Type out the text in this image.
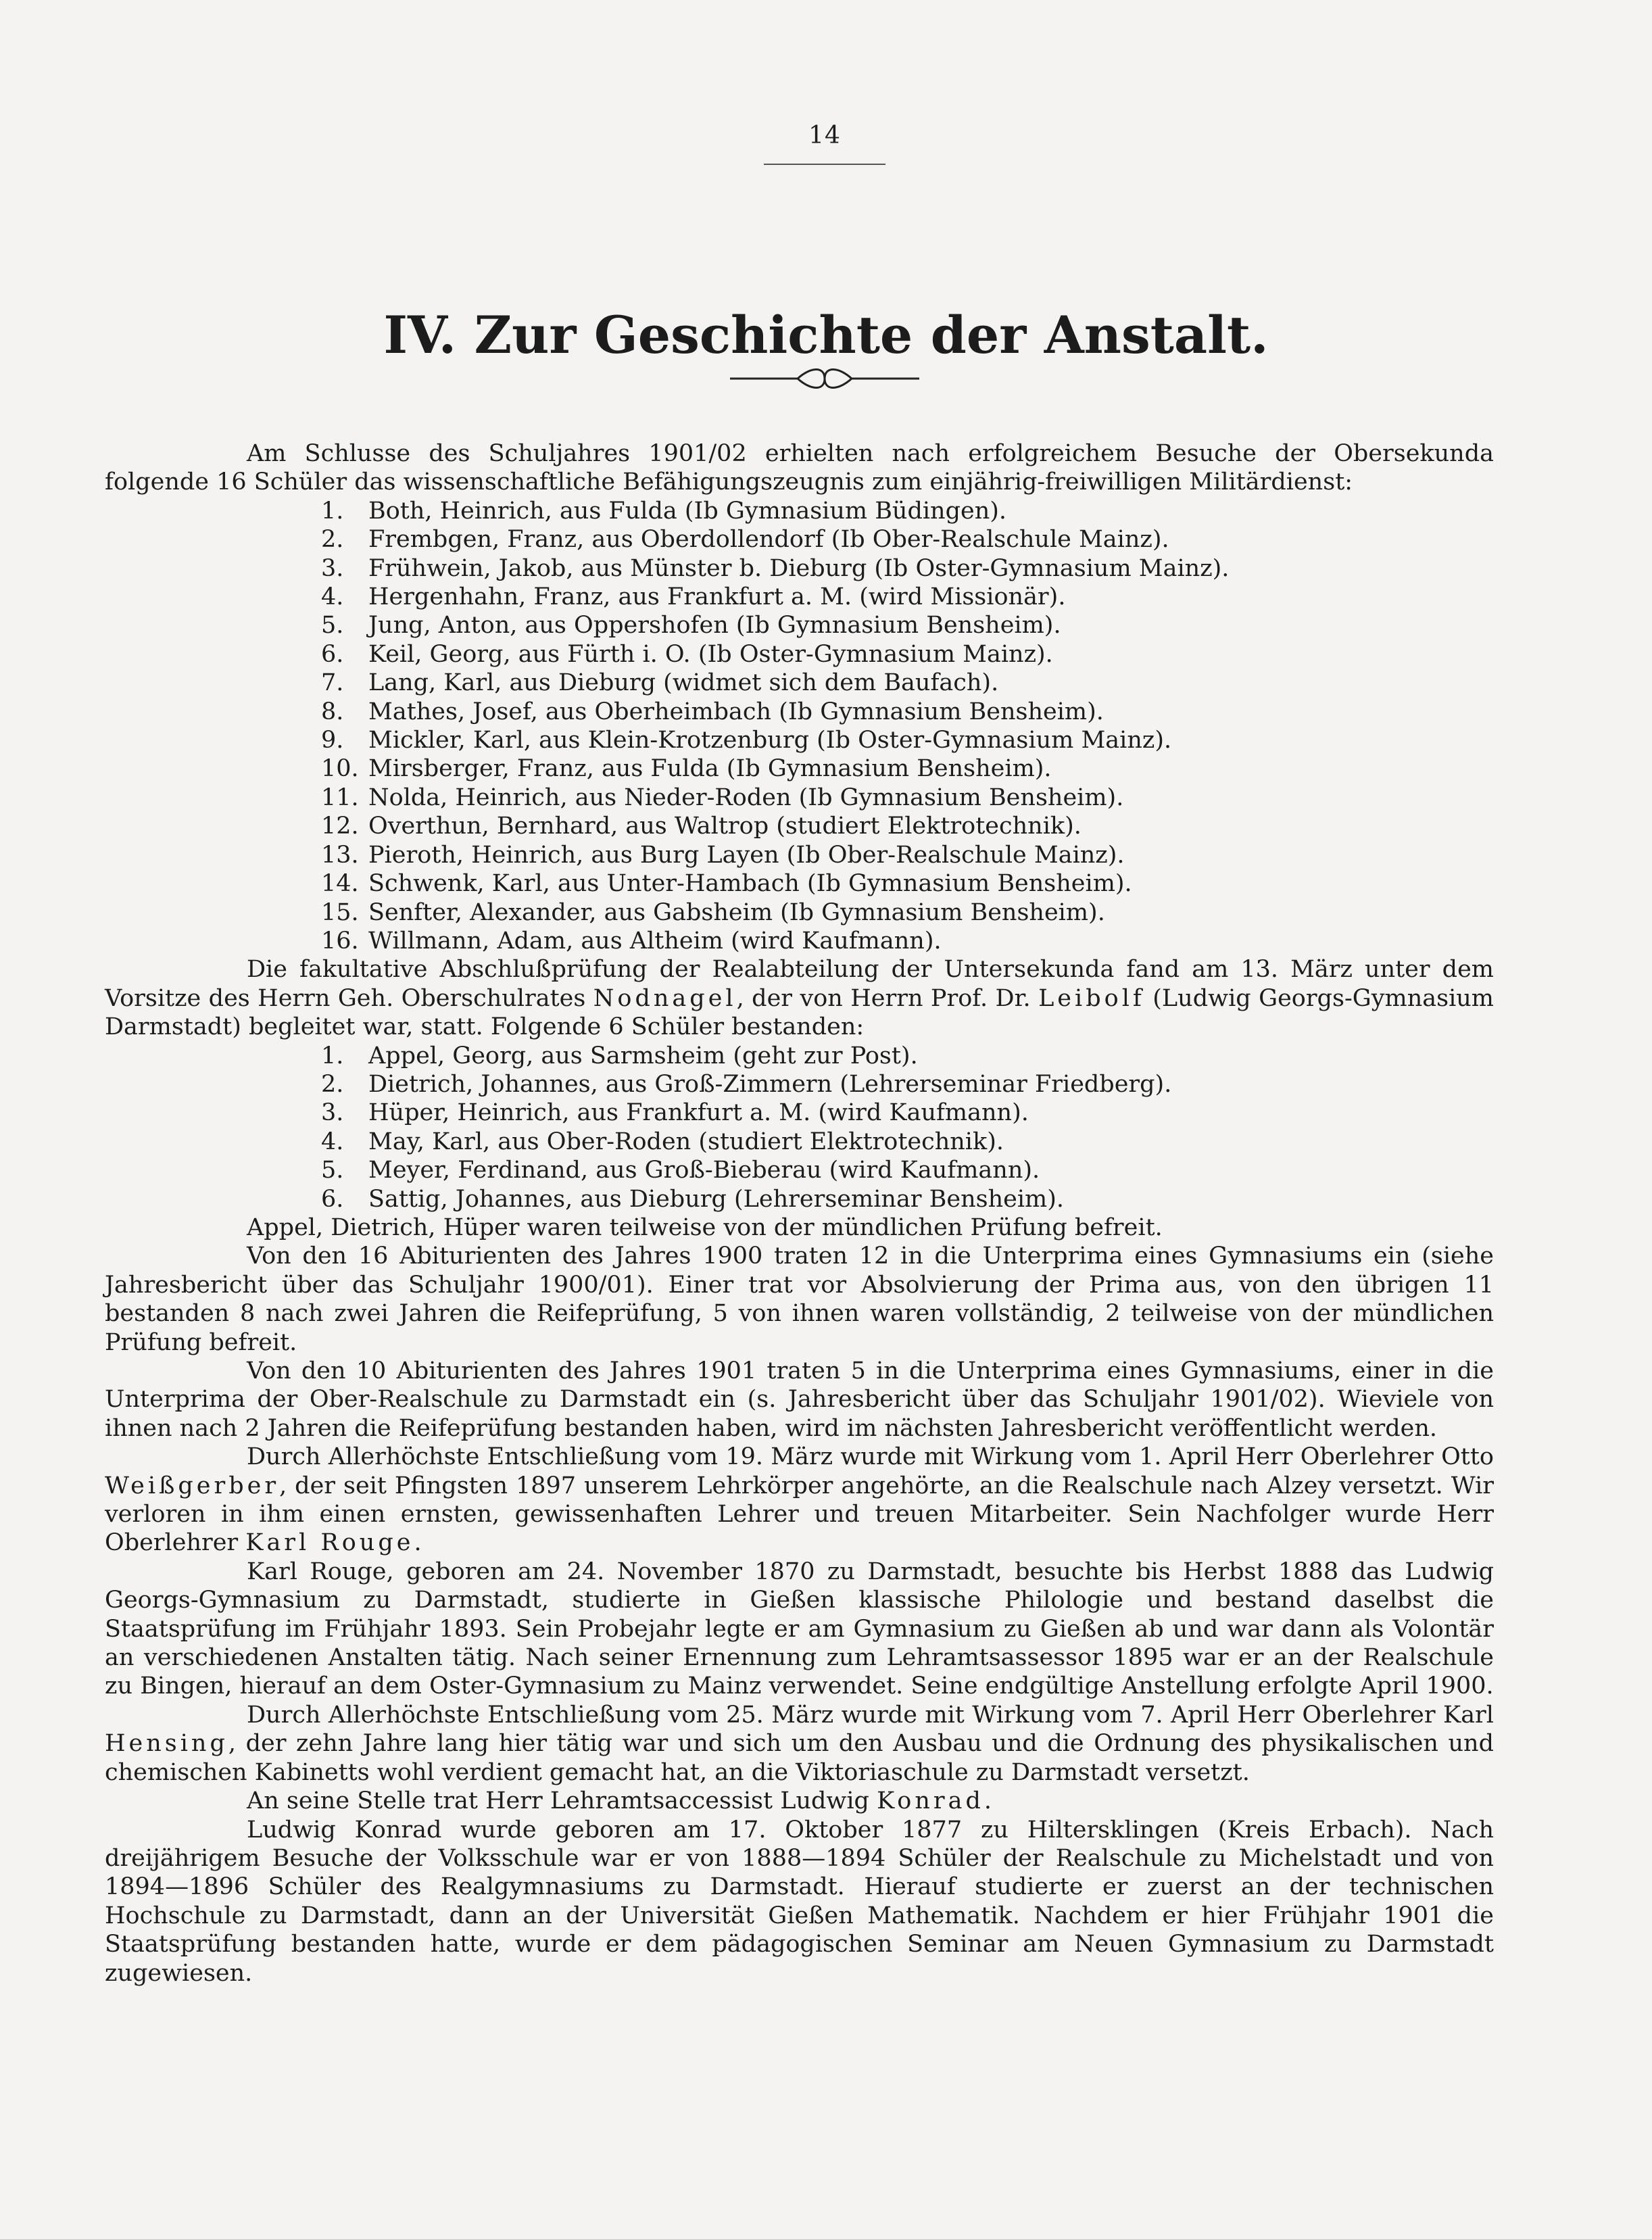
14
IV. Zur Geschichte der Anstalt.

Am Schlusse des Schuljahres 1901/02 erhielten nach erfolgreichem Besuche der Obersekunda folgende 16 Schüler das wissenschaftliche Befähigungszeugnis zum einjährig-freiwilligen Militärdienst:

1. Both, Heinrich, aus Fulda (Ib Gymnasium Büdingen).
2. Frembgen, Franz, aus Oberdollendorf (Ib Ober-Realschule Mainz).
3. Frühwein, Jakob, aus Münster b. Dieburg (Ib Oster-Gymnasium Mainz).
4. Hergenhahn, Franz, aus Frankfurt a. M. (wird Missionär).
5. Jung, Anton, aus Oppershofen (Ib Gymnasium Bensheim).
6. Keil, Georg, aus Fürth i. O. (Ib Oster-Gymnasium Mainz).
7. Lang, Karl, aus Dieburg (widmet sich dem Baufach).
8. Mathes, Josef, aus Oberheimbach (Ib Gymnasium Bensheim).
9. Mickler, Karl, aus Klein-Krotzenburg (Ib Oster-Gymnasium Mainz).
10. Mirsberger, Franz, aus Fulda (Ib Gymnasium Bensheim).
11. Nolda, Heinrich, aus Nieder-Roden (Ib Gymnasium Bensheim).
12. Overthun, Bernhard, aus Waltrop (studiert Elektrotechnik).
13. Pieroth, Heinrich, aus Burg Layen (Ib Ober-Realschule Mainz).
14. Schwenk, Karl, aus Unter-Hambach (Ib Gymnasium Bensheim).
15. Senfter, Alexander, aus Gabsheim (Ib Gymnasium Bensheim).
16. Willmann, Adam, aus Altheim (wird Kaufmann).

Die fakultative Abschlußprüfung der Realabteilung der Untersekunda fand am 13. März unter dem Vorsitze des Herrn Geh. Oberschulrates Nodnagel, der von Herrn Prof. Dr. Leibolf (Ludwig Georgs-Gymnasium Darmstadt) begleitet war, statt. Folgende 6 Schüler bestanden:

1. Appel, Georg, aus Sarmsheim (geht zur Post).
2. Dietrich, Johannes, aus Groß-Zimmern (Lehrerseminar Friedberg).
3. Hüper, Heinrich, aus Frankfurt a. M. (wird Kaufmann).
4. May, Karl, aus Ober-Roden (studiert Elektrotechnik).
5. Meyer, Ferdinand, aus Groß-Bieberau (wird Kaufmann).
6. Sattig, Johannes, aus Dieburg (Lehrerseminar Bensheim).

Appel, Dietrich, Hüper waren teilweise von der mündlichen Prüfung befreit.

Von den 16 Abiturienten des Jahres 1900 traten 12 in die Unterprima eines Gymnasiums ein (siehe Jahresbericht über das Schuljahr 1900/01). Einer trat vor Absolvierung der Prima aus, von den übrigen 11 bestanden 8 nach zwei Jahren die Reifeprüfung, 5 von ihnen waren vollständig, 2 teilweise von der mündlichen Prüfung befreit.

Von den 10 Abiturienten des Jahres 1901 traten 5 in die Unterprima eines Gymnasiums, einer in die Unterprima der Ober-Realschule zu Darmstadt ein (s. Jahresbericht über das Schuljahr 1901/02). Wieviele von ihnen nach 2 Jahren die Reifeprüfung bestanden haben, wird im nächsten Jahresbericht veröffentlicht werden.

Durch Allerhöchste Entschließung vom 19. März wurde mit Wirkung vom 1. April Herr Oberlehrer Otto Weißgerber, der seit Pfingsten 1897 unserem Lehrkörper angehörte, an die Realschule nach Alzey versetzt. Wir verloren in ihm einen ernsten, gewissenhaften Lehrer und treuen Mitarbeiter. Sein Nachfolger wurde Herr Oberlehrer Karl Rouge.

Karl Rouge, geboren am 24. November 1870 zu Darmstadt, besuchte bis Herbst 1888 das Ludwig Georgs-Gymnasium zu Darmstadt, studierte in Gießen klassische Philologie und bestand daselbst die Staatsprüfung im Frühjahr 1893. Sein Probejahr legte er am Gymnasium zu Gießen ab und war dann als Volontär an verschiedenen Anstalten tätig. Nach seiner Ernennung zum Lehramtsassessor 1895 war er an der Realschule zu Bingen, hierauf an dem Oster-Gymnasium zu Mainz verwendet. Seine endgültige Anstellung erfolgte April 1900.

Durch Allerhöchste Entschließung vom 25. März wurde mit Wirkung vom 7. April Herr Oberlehrer Karl Hensing, der zehn Jahre lang hier tätig war und sich um den Ausbau und die Ordnung des physikalischen und chemischen Kabinetts wohl verdient gemacht hat, an die Viktoriaschule zu Darmstadt versetzt.

An seine Stelle trat Herr Lehramtsaccessist Ludwig Konrad.

Ludwig Konrad wurde geboren am 17. Oktober 1877 zu Hiltersklingen (Kreis Erbach). Nach dreijährigem Besuche der Volksschule war er von 1888—1894 Schüler der Realschule zu Michelstadt und von 1894—1896 Schüler des Realgymnasiums zu Darmstadt. Hierauf studierte er zuerst an der technischen Hochschule zu Darmstadt, dann an der Universität Gießen Mathematik. Nachdem er hier Frühjahr 1901 die Staatsprüfung bestanden hatte, wurde er dem pädagogischen Seminar am Neuen Gymnasium zu Darmstadt zugewiesen.
